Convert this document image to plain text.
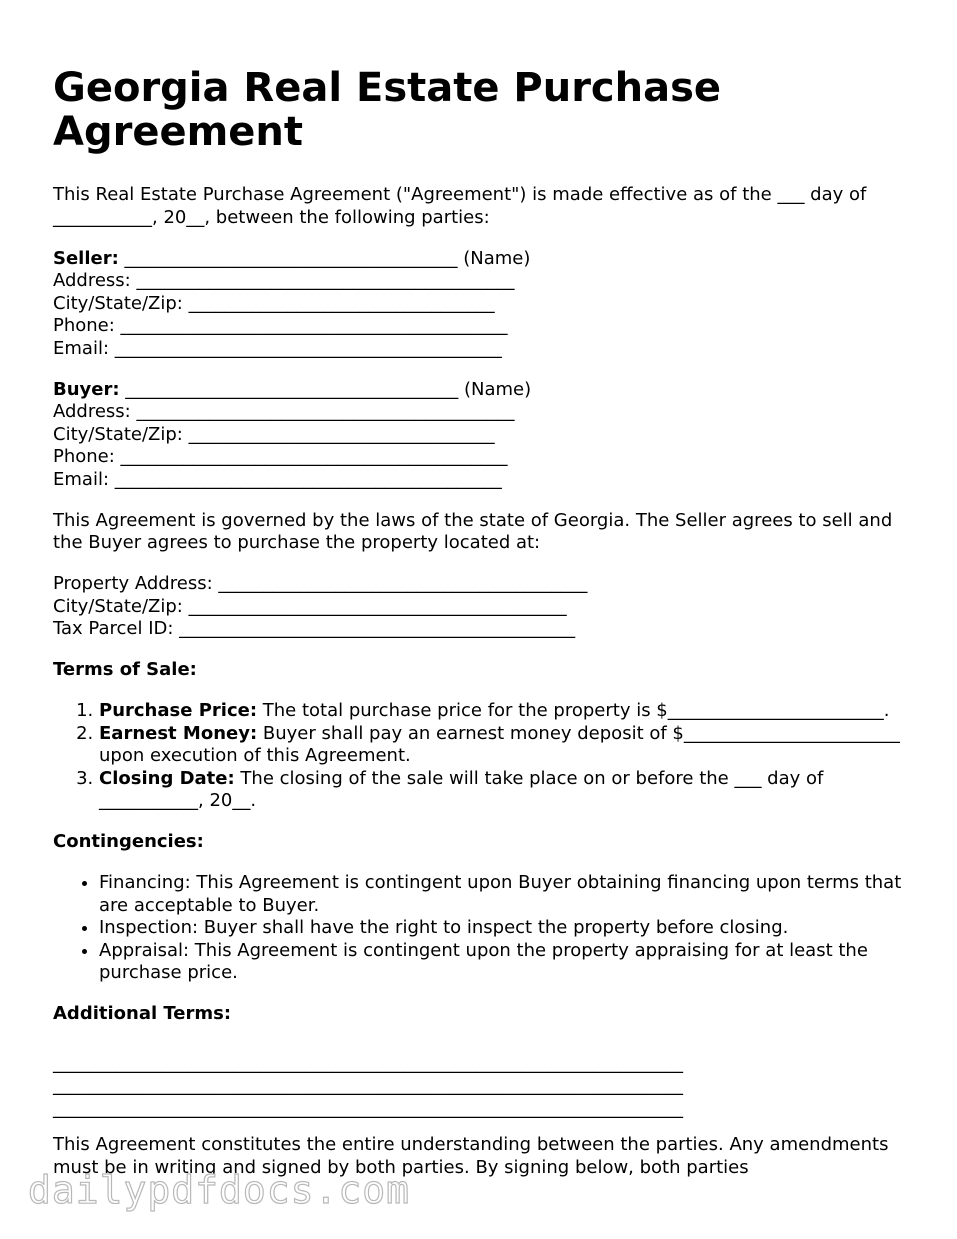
Georgia Real Estate Purchase Agreement

This Real Estate Purchase Agreement ("Agreement") is made effective as of the ___ day of ___________, 20__, between the following parties:

Seller: _____________________________________ (Name)
Address: __________________________________________
City/State/Zip: __________________________________
Phone: ___________________________________________
Email: ___________________________________________
Buyer: _____________________________________ (Name)
Address: __________________________________________
City/State/Zip: __________________________________
Phone: ___________________________________________
Email: ___________________________________________

This Agreement is governed by the laws of the state of Georgia. The Seller agrees to sell and the Buyer agrees to purchase the property located at:

Property Address: _________________________________________
City/State/Zip: __________________________________________
Tax Parcel ID: ____________________________________________

Terms of Sale:

1. Purchase Price: The total purchase price for the property is $________________________.
2. Earnest Money: Buyer shall pay an earnest money deposit of $________________________ upon execution of this Agreement.
3. Closing Date: The closing of the sale will take place on or before the ___ day of ___________, 20__.

Contingencies:

• Financing: This Agreement is contingent upon Buyer obtaining financing upon terms that are acceptable to Buyer.
• Inspection: Buyer shall have the right to inspect the property before closing.
• Appraisal: This Agreement is contingent upon the property appraising for at least the purchase price.

Additional Terms:

______________________________________________________________________
______________________________________________________________________
______________________________________________________________________

This Agreement constitutes the entire understanding between the parties. Any amendments must be in writing and signed by both parties. By signing below, both parties

dailypdfdocs.com
